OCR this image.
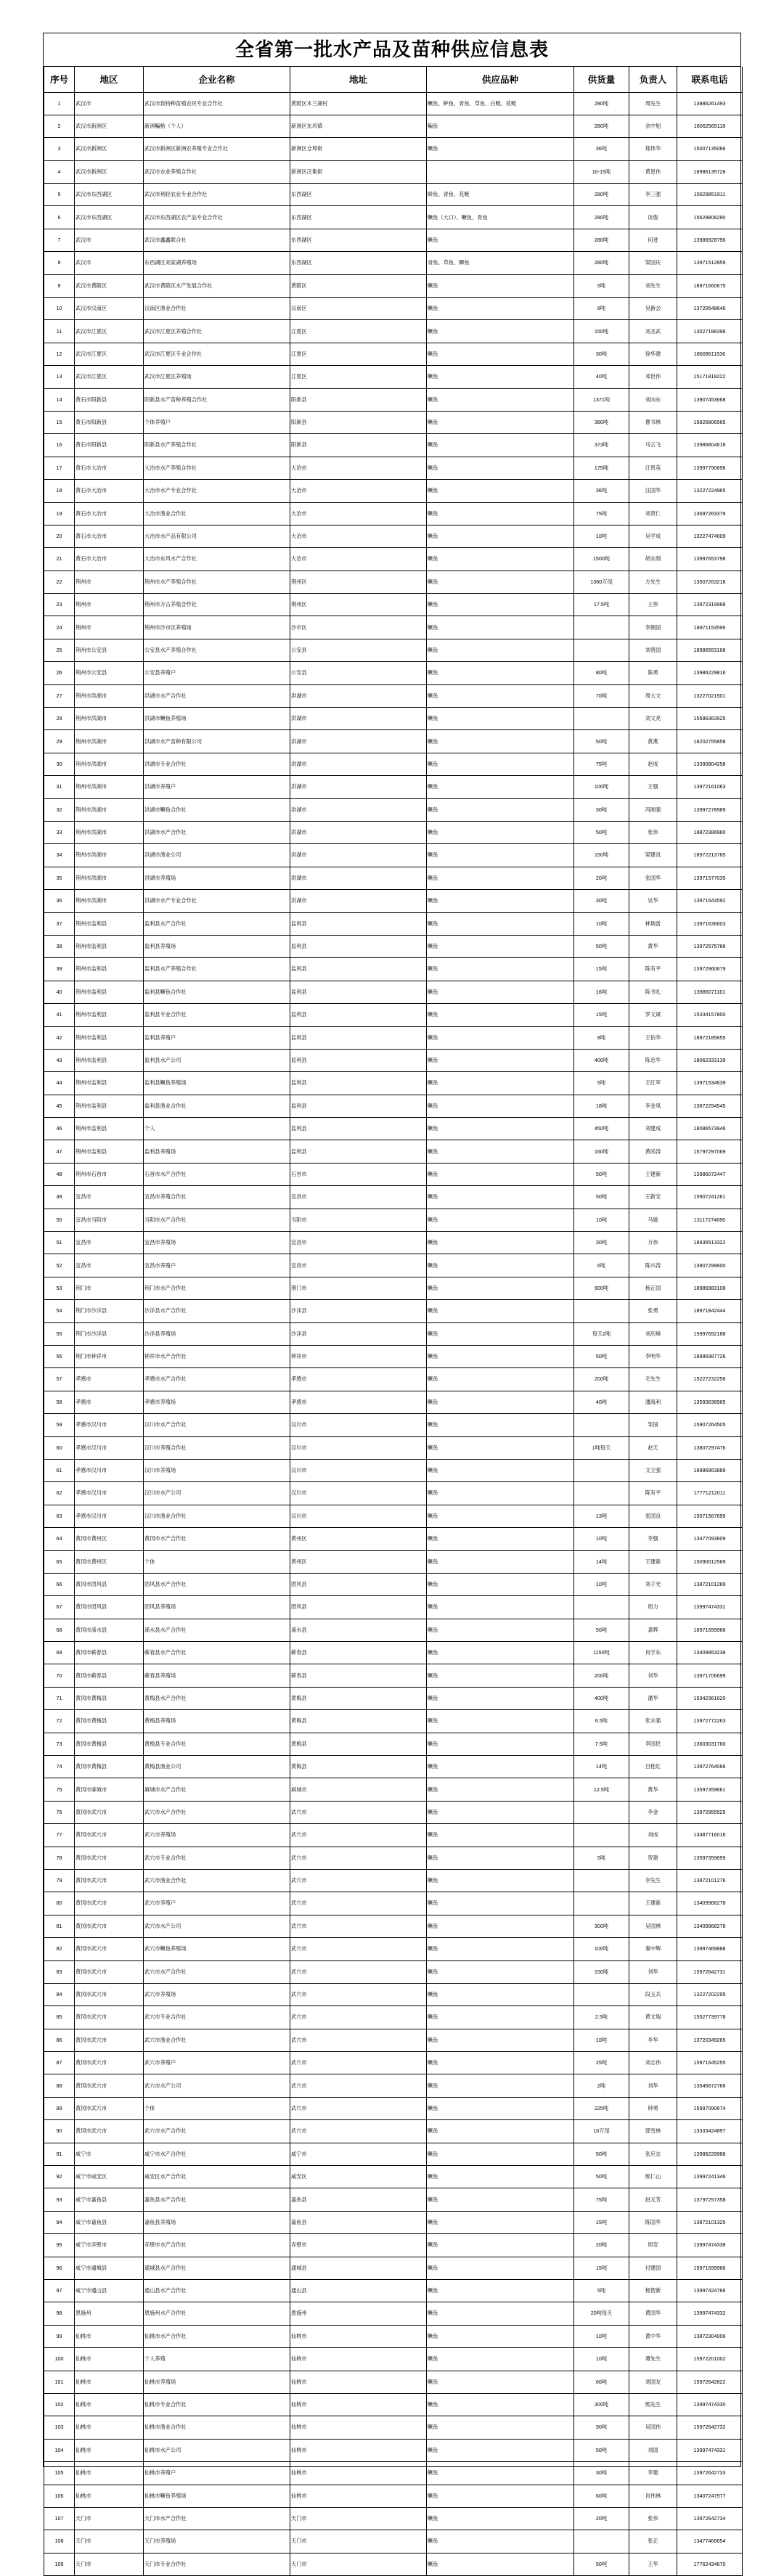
全省第一批水产品及苗种供应信息表
序号	地区	企业名称	地址	供应品种	供货量	负责人	联系电话
1	武汉市	武汉市致特种苗殖农民专业合作社	黄陂区木兰湖村	鳜鱼、鲈鱼、青鱼、草鱼、白鲢、花鲢	280吨	周先生	13886261493
2	武汉市新洲区	新洲鳊鲂（个人）	新洲区东风镇	鳊鱼	280吨	余中旭	18062565118
3	武汉市新洲区	武汉市新洲区新洲农养殖专业合作社	新洲区仓埠街	鳜鱼	36吨	郑伟华	15007135066
4	武汉市新洲区	武汉市农业养殖合作社	新洲区汪集街		10-15吨	黄星伟	18986135728
5	武汉市东西湖区	武汉市利轻农业专业合作社	东西湖区	鲜鱼、青鱼、花鲢	280吨	李三强	15629851911
6	武汉市东西湖区	武汉市东西湖区农产品专业合作社	东西湖区	鳜鱼（大口）、鳜鱼、青鱼	280吨	谈俊	15629808290
7	武汉市	武汉市鑫鑫联合社	东西湖区	鳜鱼	280吨	何进	13986928796
8	武汉市	东西湖区刘家湖养殖场	东西湖区	青鱼、草鱼、鲫鱼	280吨	梁国庆	13971512859
9	武汉市黄陂区	武汉市黄陂区水产发展合作社	黄陂区	鳜鱼	5吨	刘先生	18971660675
10	武汉市汉南区	汉南区渔业合作社	汉南区	鳜鱼	8吨	吴新会	13720548646
11	武汉市江夏区	武汉市江夏区养殖合作社	江夏区	鳜鱼	150吨	刘圣武	13027188398
12	武汉市江夏区	武汉市江夏区专业合作社	江夏区	鳜鱼	30吨	徐华建	18608611536
13	武汉市江夏区	武汉市江夏区养殖场	江夏区	鳜鱼	40吨	邓世伟	15171818222
14	黄石市阳新县	阳新县水产苗种养殖合作社	阳新县	鳜鱼	1371吨	刘向东	13907453668
15	黄石市阳新县	个体养殖户	阳新县	鳜鱼	380吨	曹书林	15826806565
16	黄石市阳新县	阳新县水产养殖合作社	阳新县	鳜鱼	373吨	马云飞	13986804618
17	黄石市大冶市	大冶市水产养殖合作社	大冶市	鳜鱼	175吨	汪贵英	13997790698
18	黄石市大冶市	大冶市水产专业合作社	大冶市	鳜鱼	36吨	汪国华	13227224965
19	黄石市大冶市	大冶市渔业合作社	大冶市	鳜鱼	75吨	刘贤仁	13697263379
20	黄石市大冶市	大冶市水产品有限公司	大冶市	鳜鱼	10吨	吴学成	13227474609
21	黄石市大冶市	大冶市东风水产合作社	大冶市	鳜鱼	1500吨	胡永刚	13997653798
22	荆州市	荆州市水产养殖合作社	荆州区	鳜鱼	1360万尾	方先生	13507263218
23	荆州市	荆州市万古养殖合作社	荆州区	鳜鱼	17.5吨	王伟	13972319968
24	荆州市	荆州市沙市区养殖场	沙市区	鳜鱼		李朝国	18971153599
25	荆州市公安县	公安县水产养殖合作社	公安县	鳜鱼		刘贤国	18986553168
26	荆州市公安县	公安县养殖户	公安县	鳜鱼	80吨	陈勇	13986229816
27	荆州市洪湖市	洪湖市水产合作社	洪湖市	鳜鱼	70吨	周大文	13227021501
28	荆州市洪湖市	洪湖市鳜鱼养殖场	洪湖市	鳜鱼		刘文亮	15586363925
29	荆州市洪湖市	洪湖市水产苗种有限公司	洪湖市	鳜鱼	50吨	黄燕	18202755858
30	荆州市洪湖市	洪湖市专业合作社	洪湖市	鳜鱼	75吨	赵成	13390804258
31	荆州市洪湖市	洪湖市养殖户	洪湖市	鳜鱼	100吨	王强	13972161063
32	荆州市洪湖市	洪湖市鳜鱼合作社	洪湖市	鳜鱼	30吨	冯刚强	13997278989
33	荆州市洪湖市	洪湖市水产合作社	洪湖市	鳜鱼	50吨	张伟	18872386960
34	荆州市洪湖市	洪湖市渔业公司	洪湖市	鳜鱼	150吨	梁建良	18972213785
35	荆州市洪湖市	洪湖市养殖场	洪湖市	鳜鱼	20吨	张国华	13971577035
36	荆州市洪湖市	洪湖市水产专业合作社	洪湖市	鳜鱼	30吨	吴华	13971643592
37	荆州市监利县	监利县水产合作社	监利县	鳜鱼	10吨	林瑞雷	13971636603
38	荆州市监利县	监利县养殖场	监利县	鳜鱼	50吨	黄华	13972575766
39	荆州市监利县	监利县水产养殖合作社	监利县	鳜鱼	15吨	陈有平	13972960679
40	荆州市监利县	监利县鳜鱼合作社	监利县	鳜鱼	16吨	陈书礼	13986071161
41	荆州市监利县	监利县专业合作社	监利县	鳜鱼	15吨	罗文斌	15334157800
42	荆州市监利县	监利县养殖户	监利县	鳜鱼	8吨	王伯华	18972185655
43	荆州市监利县	监利县水产公司	监利县	鳜鱼	400吨	陈忠华	18062333139
44	荆州市监利县	监利县鳜鱼养殖场	监利县	鳜鱼	5吨	王红军	13971534639
45	荆州市监利县	监利县渔业合作社	监利县	鳜鱼	18吨	李金凤	13872294545
46	荆州市监利县	个人	监利县	鳜鱼	450吨	刘建成	18086573946
47	荆州市监利县	监利县养殖场	监利县	鳜鱼	160吨	黄尚涛	15797297069
48	荆州市石首市	石首市水产合作社	石首市	鳜鱼	50吨	王建新	13986072447
49	宜昌市	宜昌市养殖合作社	宜昌市	鳜鱼	50吨	王新安	15907241261
50	宜昌市当阳市	当阳市水产合作社	当阳市	鳜鱼	10吨	马敏	13117274690
51	宜昌市	宜昌市养殖场	宜昌市	鳜鱼	30吨	万伟	18936513322
52	宜昌市	宜昌市养殖户	宜昌市	鳜鱼	6吨	陈兴涛	13907299600
53	荆门市	荆门市水产合作社	荆门市	鳜鱼	900吨	杨正国	18986983108
54	荆门市沙洋县	沙洋县水产合作社	沙洋县	鳜鱼		张勇	18971842444
55	荆门市沙洋县	沙洋县养殖场	沙洋县	鳜鱼	每天2吨	刘庆峰	15997692188
56	荆门市钟祥市	钟祥市水产合作社	钟祥市	鳜鱼	50吨	李明华	18986987726
57	孝感市	孝感市水产合作社	孝感市	鳜鱼	200吨	毛先生	15227232256
58	孝感市	孝感市养殖场	孝感市	鳜鱼	40吨	潘海利	13593638965
59	孝感市汉川市	汉川市水产合作社	汉川市	鳜鱼		邹国	15907264505
60	孝感市汉川市	汉川市养殖合作社	汉川市	鳜鱼	1吨每天	赵天	13807297476
61	孝感市汉川市	汉川市养殖场	汉川市	鳜鱼		文立强	18986963889
62	孝感市汉川市	汉川市水产公司	汉川市	鳜鱼		陈有平	17771212011
63	孝感市汉川市	汉川市渔业合作社	汉川市	鳜鱼	13吨	张国良	15071567699
64	黄冈市黄州区	黄冈市水产合作社	黄州区	鳜鱼	10吨	李强	13477093609
65	黄冈市黄州区	个体	黄州区	鳜鱼	14吨	王建新	15090012569
66	黄冈市团风县	团风县水产合作社	团风县	鳜鱼	10吨	刘子光	13872101269
67	黄冈市团风县	团风县养殖场	团风县	鳜鱼		周力	13997474331
68	黄冈市浠水县	浠水县水产合作社	浠水县	鳜鱼	50吨	龚辉	18971699966
69	黄冈市蕲春县	蕲春县水产合作社	蕲春县	鳜鱼	1150吨	肖学东	13409953238
70	黄冈市蕲春县	蕲春县养殖场	蕲春县	鳜鱼	200吨	刘华	13971706699
71	黄冈市黄梅县	黄梅县水产合作社	黄梅县	鳜鱼	400吨	潘华	15342361620
72	黄冈市黄梅县	黄梅县养殖场	黄梅县	鳜鱼	6.5吨	张永强	13972772263
73	黄冈市黄梅县	黄梅县专业合作社	黄梅县	鳜鱼	7.5吨	李国民	13603031760
74	黄冈市黄梅县	黄梅县渔业公司	黄梅县	鳜鱼	14吨	吕桂红	13972764066
75	黄冈市麻城市	麻城市水产合作社	麻城市	鳜鱼	12.5吨	黄华	13597359661
76	黄冈市武穴市	武穴市水产合作社	武穴市	鳜鱼		李金	13972955525
77	黄冈市武穴市	武穴市养殖场	武穴市	鳜鱼		刘成	13487716016
78	黄冈市武穴市	武穴市专业合作社	武穴市	鳜鱼	5吨	贺建	13597359699
79	黄冈市武穴市	武穴市渔业合作社	武穴市	鳜鱼		李先生	13872101276
80	黄冈市武穴市	武穴市养殖户	武穴市	鳜鱼		王建新	13409968278
81	黄冈市武穴市	武穴市水产公司	武穴市	鳜鱼	300吨	吴国林	13409968278
82	黄冈市武穴市	武穴市鳜鱼养殖场	武穴市	鳜鱼	100吨	秦中辉	13997469888
83	黄冈市武穴市	武穴市水产合作社	武穴市	鳜鱼	150吨	刘华	15972642731
84	黄冈市武穴市	武穴市养殖场	武穴市	鳜鱼		段玉兵	13227202295
85	黄冈市武穴市	武穴市专业合作社	武穴市	鳜鱼	2.5吨	黄文瑞	15527739778
86	黄冈市武穴市	武穴市渔业合作社	武穴市	鳜鱼	10吨	李华	13720349265
87	黄冈市武穴市	武穴市养殖户	武穴市	鳜鱼	25吨	刘志伟	15971645255
88	黄冈市武穴市	武穴市水产公司	武穴市	鳜鱼	2吨	刘华	13545672766
89	黄冈市武穴市	个体	武穴市	鳜鱼	225吨	钟勇	15997090674
90	黄冈市武穴市	武穴市水产合作社	武穴市	鳜鱼	10万尾	郭雪林	13333424897
91	咸宁市	咸宁市水产合作社	咸宁市	鳜鱼	50吨	张应志	13986229988
92	咸宁市咸安区	咸安区水产合作社	咸安区	鳜鱼	50吨	熊仁山	13997241346
93	咸宁市嘉鱼县	嘉鱼县水产合作社	嘉鱼县	鳜鱼	75吨	赵元芳	13797257358
94	咸宁市嘉鱼县	嘉鱼县养殖场	嘉鱼县	鳜鱼	15吨	陈国华	13872101325
95	咸宁市赤壁市	赤壁市水产合作社	赤壁市	鳜鱼	20吨	周安	13997474338
96	咸宁市通城县	通城县水产合作社	通城县	鳜鱼	15吨	付建国	15971699966
97	咸宁市通山县	通山县水产合作社	通山县	鳜鱼	5吨	杨智新	13997424766
98	恩施州	恩施州水产合作社	恩施州	鳜鱼	20吨每天	黄国华	13997474332
99	仙桃市	仙桃市水产合作社	仙桃市	鳜鱼	10吨	黄中华	13872304006
100	仙桃市	个人养殖	仙桃市	鳜鱼	10吨	谭先生	15972201002
101	仙桃市	仙桃市养殖场	仙桃市	鳜鱼	60吨	刘国友	15972642822
102	仙桃市	仙桃市专业合作社	仙桃市	鳜鱼	300吨	熊先生	13997474330
103	仙桃市	仙桃市渔业合作社	仙桃市	鳜鱼	90吨	吴国伟	15972642732
104	仙桃市	仙桃市水产公司	仙桃市	鳜鱼	50吨	刘国	13997474331
105	仙桃市	仙桃市养殖户	仙桃市	鳜鱼	30吨	李建	13972642733
106	仙桃市	仙桃市鳜鱼养殖场	仙桃市	鳜鱼	60吨	肖伟林	13407247977
107	天门市	天门市水产合作社	天门市	鳜鱼	20吨	张伟	13972642734
108	天门市	天门市养殖场	天门市	鳜鱼		张正	13477466654
109	天门市	天门市专业合作社	天门市	鳜鱼	50吨	王华	17762434670
